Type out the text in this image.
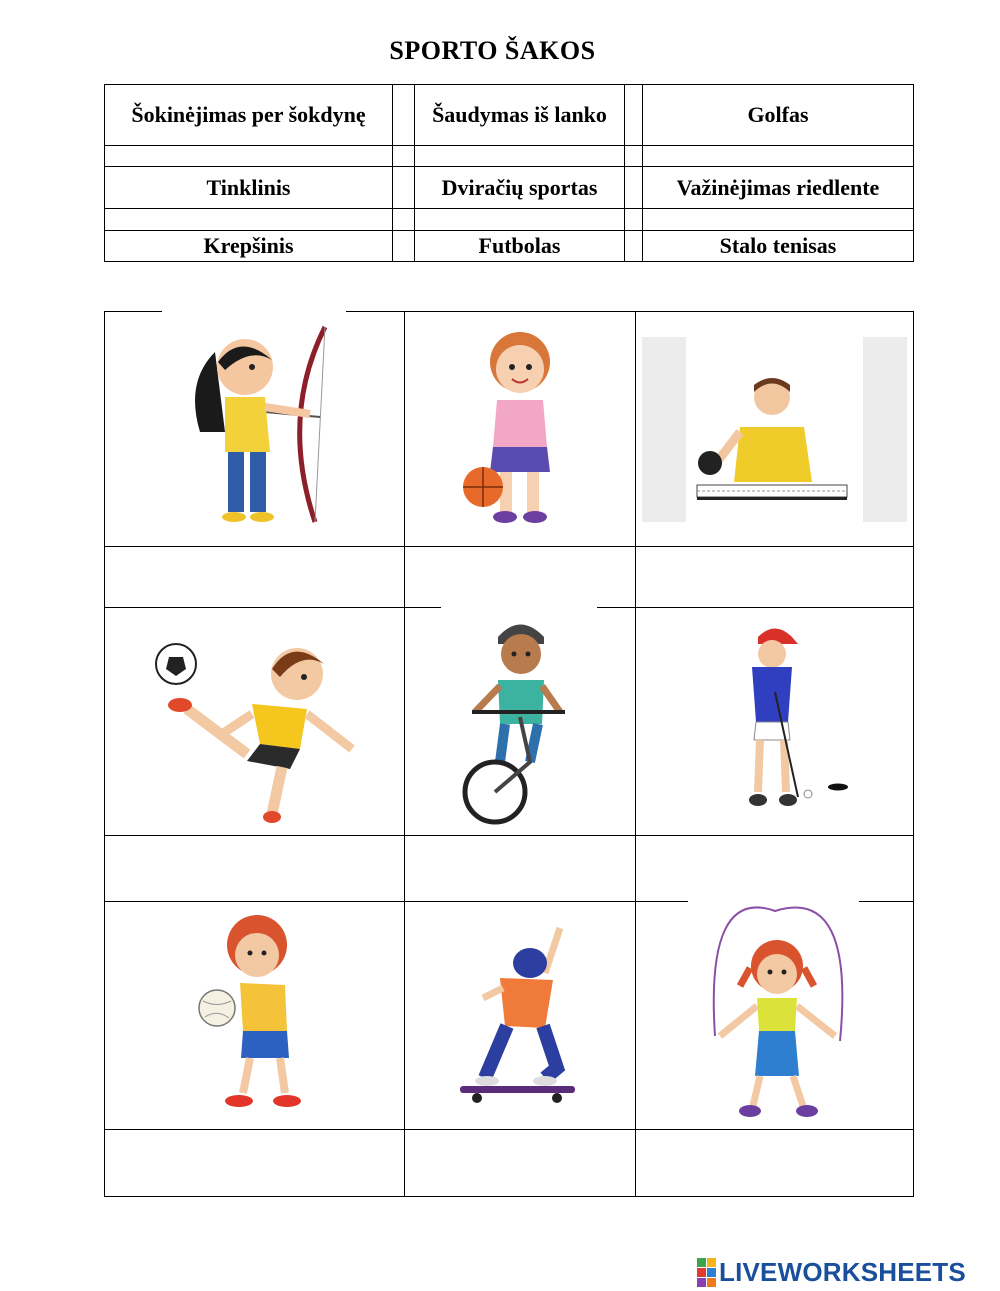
SPORTO ŠAKOS
Šokinėjimas per šokdynę		Šaudymas iš lanko		Golfas

Tinklinis		Dviračių sportas		Važinėjimas riedlente

Krepšinis		Futbolas		Stalo tenisas

LIVEWORKSHEETS
